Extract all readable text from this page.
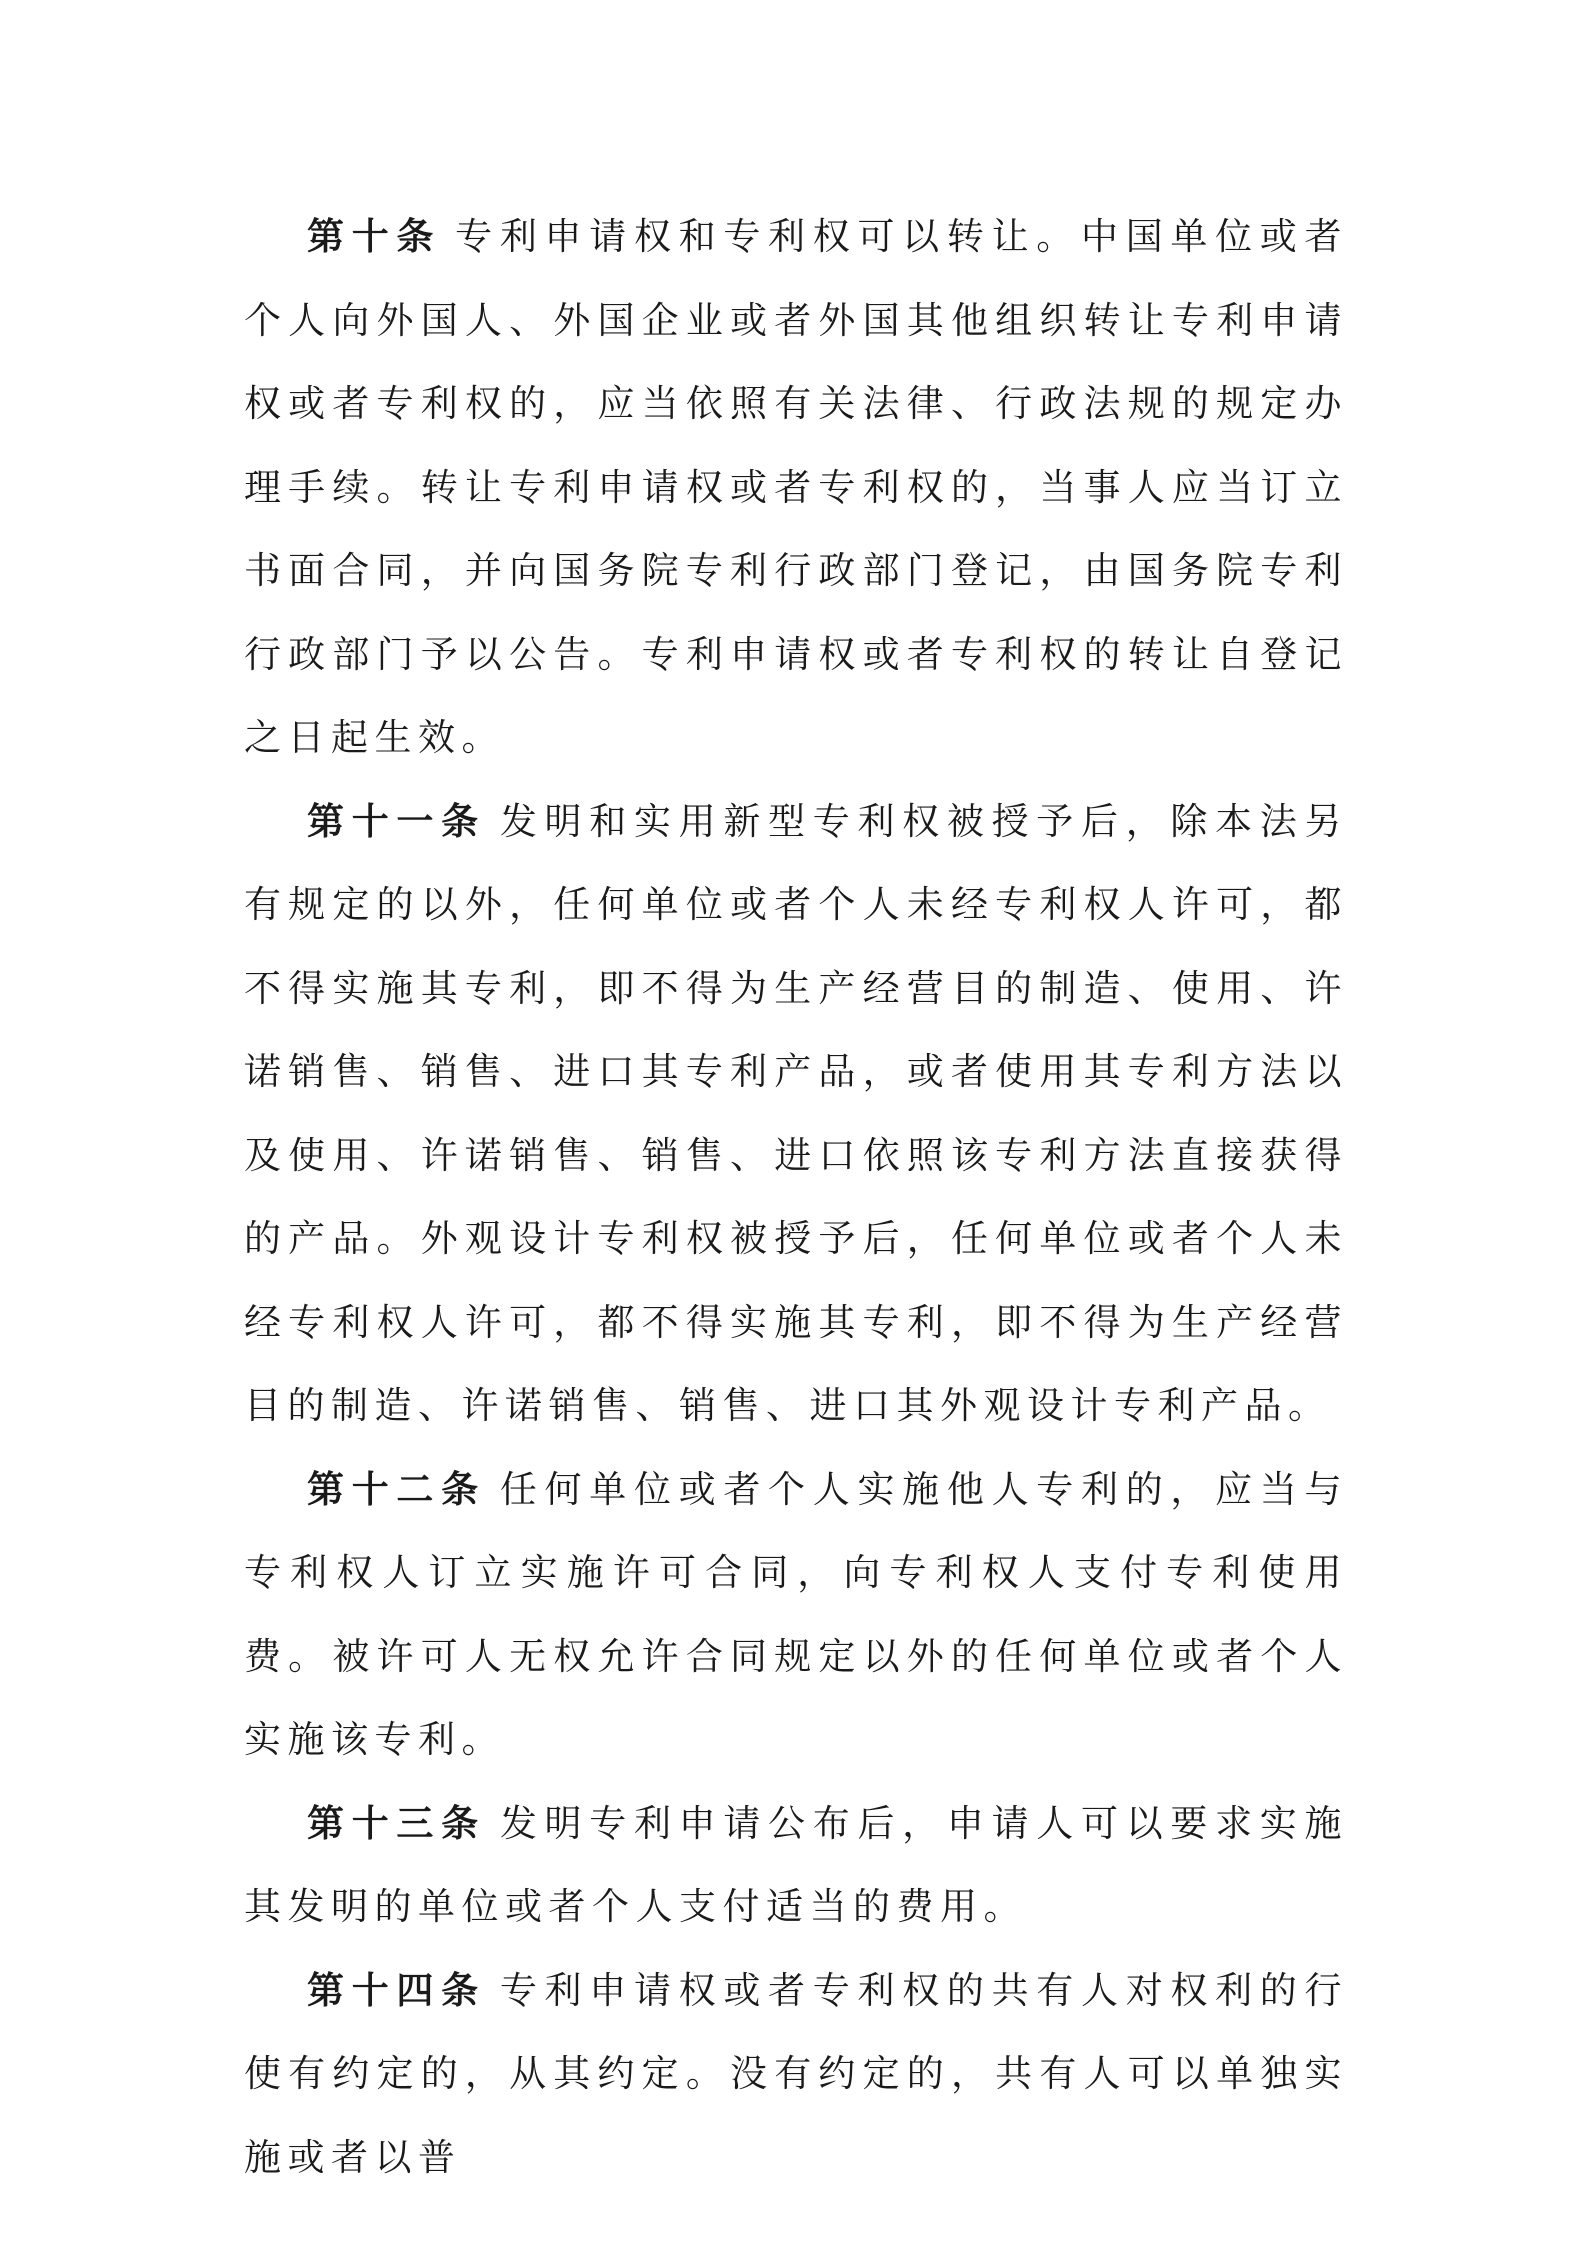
第十条 专利申请权和专利权可以转让。中国单位或者个人向外国人、外国企业或者外国其他组织转让专利申请权或者专利权的，应当依照有关法律、行政法规的规定办理手续。转让专利申请权或者专利权的，当事人应当订立书面合同，并向国务院专利行政部门登记，由国务院专利行政部门予以公告。专利申请权或者专利权的转让自登记之日起生效。

第十一条 发明和实用新型专利权被授予后，除本法另有规定的以外，任何单位或者个人未经专利权人许可，都不得实施其专利，即不得为生产经营目的制造、使用、许诺销售、销售、进口其专利产品，或者使用其专利方法以及使用、许诺销售、销售、进口依照该专利方法直接获得的产品。外观设计专利权被授予后，任何单位或者个人未经专利权人许可，都不得实施其专利，即不得为生产经营目的制造、许诺销售、销售、进口其外观设计专利产品。

第十二条 任何单位或者个人实施他人专利的，应当与专利权人订立实施许可合同，向专利权人支付专利使用费。被许可人无权允许合同规定以外的任何单位或者个人实施该专利。

第十三条 发明专利申请公布后，申请人可以要求实施其发明的单位或者个人支付适当的费用。

第十四条 专利申请权或者专利权的共有人对权利的行使有约定的，从其约定。没有约定的，共有人可以单独实施或者以普
